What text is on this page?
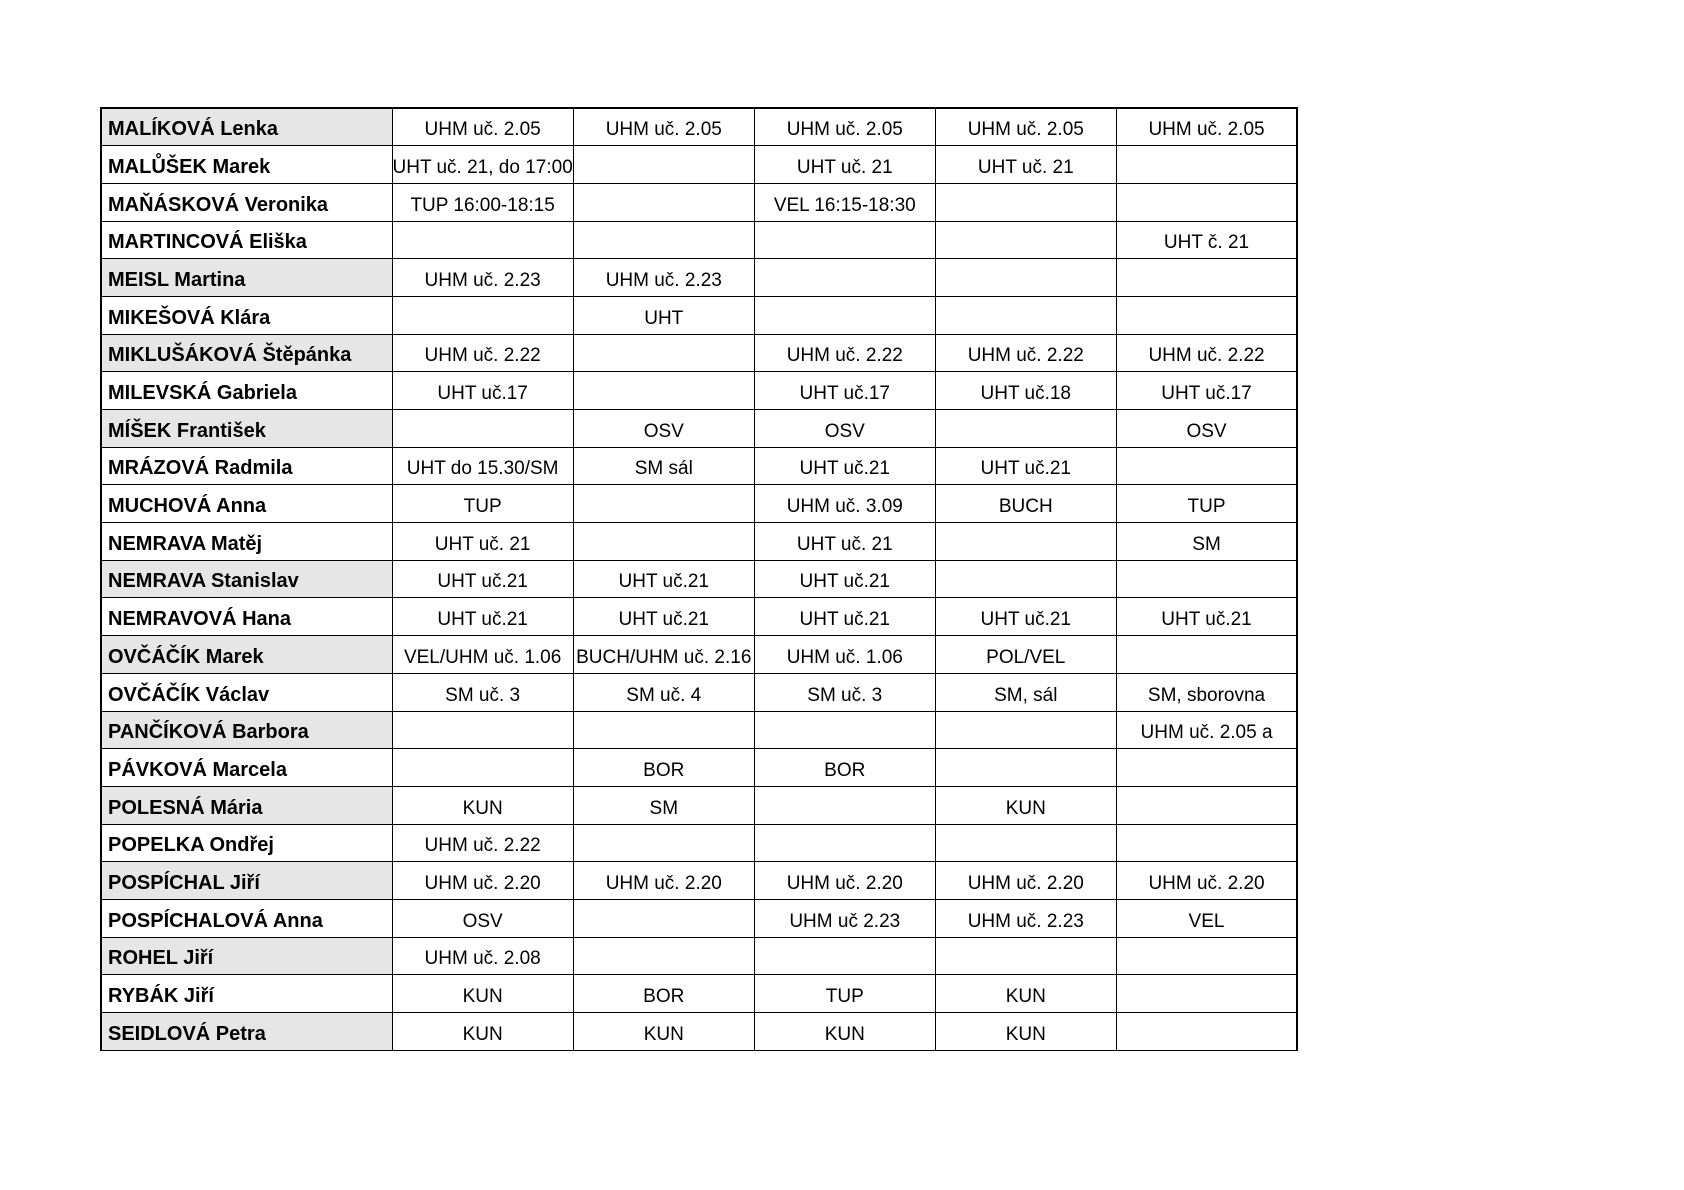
MALÍKOVÁ Lenka	UHM uč. 2.05	UHM uč. 2.05	UHM uč. 2.05	UHM uč. 2.05	UHM uč. 2.05
MALŮŠEK Marek	UHT uč. 21, do 17:00		UHT uč. 21	UHT uč. 21	
MAŇÁSKOVÁ Veronika	TUP 16:00-18:15		VEL 16:15-18:30		
MARTINCOVÁ Eliška					UHT č. 21
MEISL Martina	UHM uč. 2.23	UHM uč. 2.23			
MIKEŠOVÁ Klára		UHT			
MIKLUŠÁKOVÁ Štěpánka	UHM uč. 2.22		UHM uč. 2.22	UHM uč. 2.22	UHM uč. 2.22
MILEVSKÁ Gabriela	UHT uč.17		UHT uč.17	UHT uč.18	UHT uč.17
MÍŠEK František		OSV	OSV		OSV
MRÁZOVÁ Radmila	UHT do 15.30/SM	SM sál	UHT uč.21	UHT uč.21	
MUCHOVÁ Anna	TUP		UHM uč. 3.09	BUCH	TUP
NEMRAVA Matěj	UHT uč. 21		UHT uč. 21		SM
NEMRAVA Stanislav	UHT uč.21	UHT uč.21	UHT uč.21		
NEMRAVOVÁ Hana	UHT uč.21	UHT uč.21	UHT uč.21	UHT uč.21	UHT uč.21
OVČÁČÍK Marek	VEL/UHM uč. 1.06	BUCH/UHM uč. 2.16	UHM uč. 1.06	POL/VEL	
OVČÁČÍK Václav	SM uč. 3	SM uč. 4	SM uč. 3	SM, sál	SM, sborovna
PANČÍKOVÁ Barbora					UHM uč. 2.05 a
PÁVKOVÁ Marcela		BOR	BOR		
POLESNÁ Mária	KUN	SM		KUN	
POPELKA Ondřej	UHM uč. 2.22				
POSPÍCHAL Jiří	UHM uč. 2.20	UHM uč. 2.20	UHM uč. 2.20	UHM uč. 2.20	UHM uč. 2.20
POSPÍCHALOVÁ Anna	OSV		UHM uč 2.23	UHM uč. 2.23	VEL
ROHEL Jiří	UHM uč. 2.08				
RYBÁK Jiří	KUN	BOR	TUP	KUN	
SEIDLOVÁ Petra	KUN	KUN	KUN	KUN	
